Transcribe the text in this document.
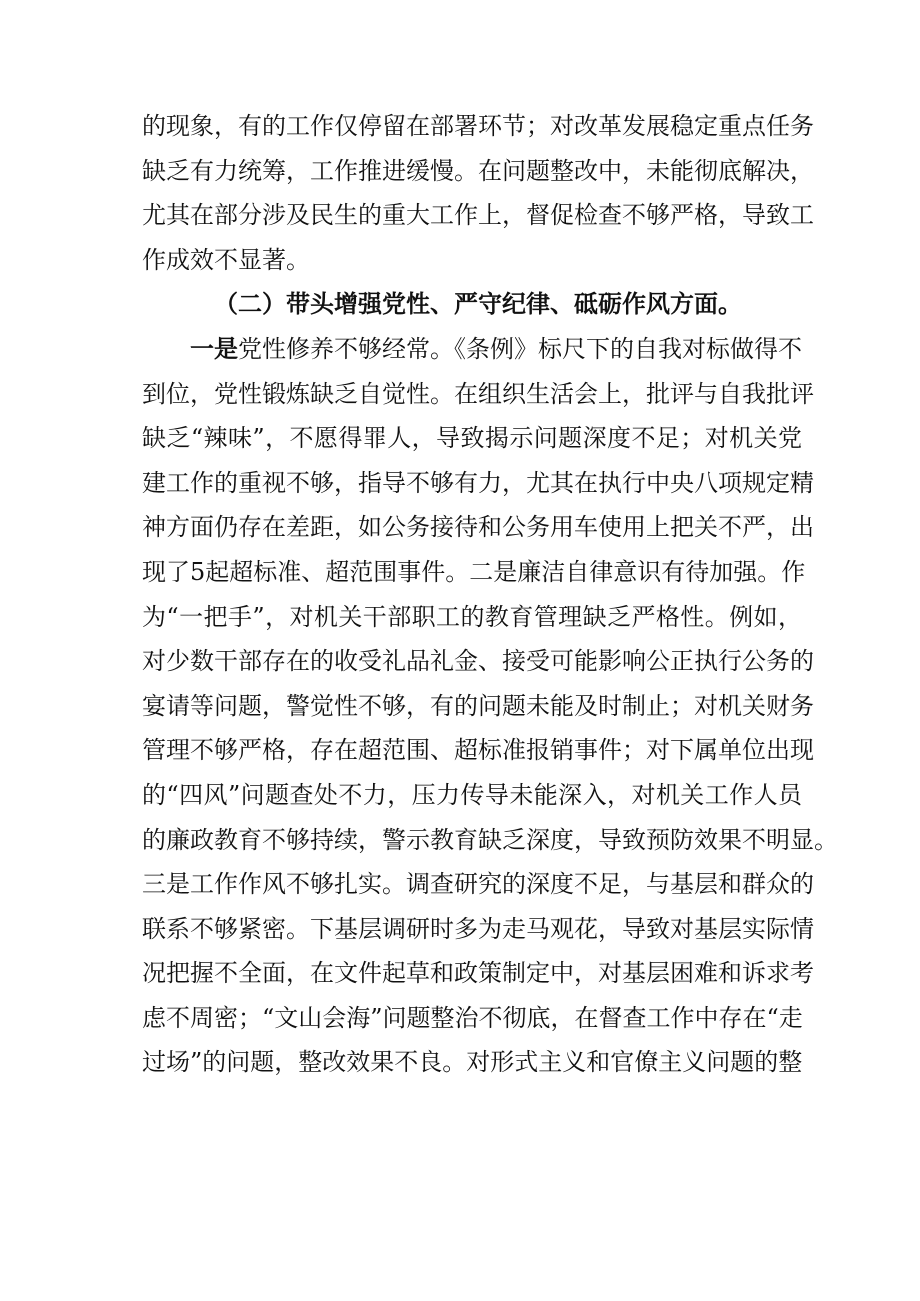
的现象，有的工作仅停留在部署环节；对改革发展稳定重点任务
缺乏有力统筹，工作推进缓慢。在问题整改中，未能彻底解决，
尤其在部分涉及民生的重大工作上，督促检查不够严格，导致工
作成效不显著。
（二）带头增强党性、严守纪律、砥砺作风方面。
一是党性修养不够经常。《条例》标尺下的自我对标做得不
到位，党性锻炼缺乏自觉性。在组织生活会上，批评与自我批评
缺乏“辣味”，不愿得罪人，导致揭示问题深度不足；对机关党
建工作的重视不够，指导不够有力，尤其在执行中央八项规定精
神方面仍存在差距，如公务接待和公务用车使用上把关不严，出
现了5起超标准、超范围事件。二是廉洁自律意识有待加强。作
为“一把手”，对机关干部职工的教育管理缺乏严格性。例如，
对少数干部存在的收受礼品礼金、接受可能影响公正执行公务的
宴请等问题，警觉性不够，有的问题未能及时制止；对机关财务
管理不够严格，存在超范围、超标准报销事件；对下属单位出现
的“四风”问题查处不力，压力传导未能深入，对机关工作人员
的廉政教育不够持续，警示教育缺乏深度，导致预防效果不明显。
三是工作作风不够扎实。调查研究的深度不足，与基层和群众的
联系不够紧密。下基层调研时多为走马观花，导致对基层实际情
况把握不全面，在文件起草和政策制定中，对基层困难和诉求考
虑不周密；“文山会海”问题整治不彻底，在督查工作中存在“走
过场”的问题，整改效果不良。对形式主义和官僚主义问题的整
